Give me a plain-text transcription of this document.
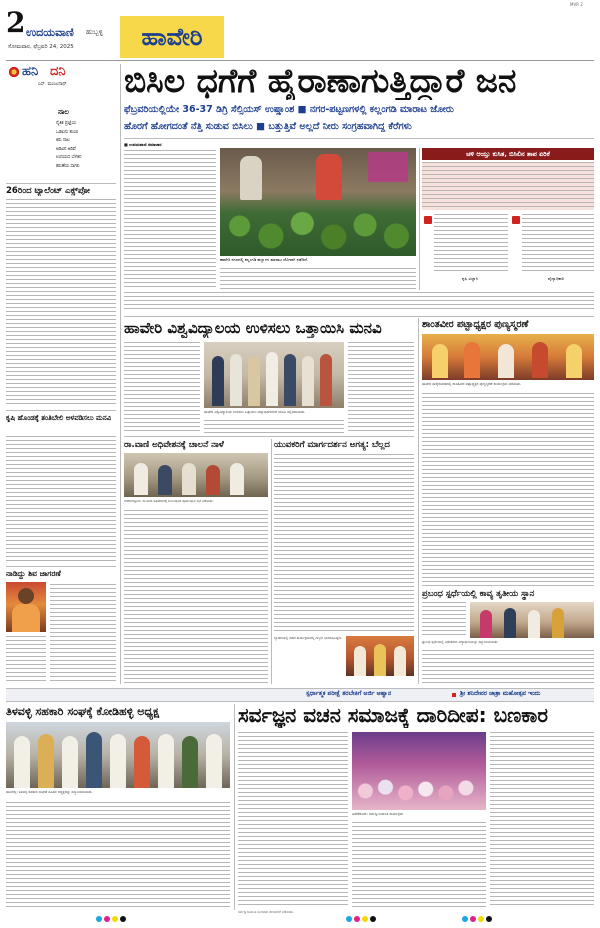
2 ಉದಯವಾಣಿ ಹುಬ್ಬಳ್ಳಿ
ಸೋಮವಾರ, ಫೆಬ್ರವರಿ 24, 2025	ಹಾವೇರಿ
MVR 2
ಹನಿ ದನಿ
ಎಸ್. ಮಂಜುನಾಥ್
ನಾಲ
ನೈತಿಕ ಪ್ರಜ್ಞೆಯ
ಒಡಲನು ತುಂಬಿ
ಕಿರು ನಾಲ
ಅರಿವಿನ ಅರಿವೆ
ಉದಯದ ಬೆಳಕಿನ
ಕರುಣೆಯ ಸಾಗಲಿ
26ರಿಂದ ಟ್ಯಾಲೆಂಟ್ ಎಕ್ಸ್‌ಪೋ
ಕೃಷಿ ಹೊಂಡಕ್ಕೆ ತಂತಿಬೇಲಿ ಅಳವಡಿಸಲು ಮನವಿ
ನಾಡಿದ್ದು ಶಿವ ಜಾಗರಣೆ
ಬಿಸಿಲ ಧಗೆಗೆ ಹೈರಾಣಾಗುತ್ತಿದ್ದಾರೆ ಜನ
ಫೆಬ್ರವರಿಯಲ್ಲಿಯೇ 36-37 ಡಿಗ್ರಿ ಸೆಲ್ಸಿಯಸ್ ಉಷ್ಣಾಂಶ ■ ನಗರ-ಪಟ್ಟಣಗಳಲ್ಲಿ ಕಲ್ಲಂಗಡಿ ಮಾರಾಟ ಜೋರು
ಹೊರಗೆ ಹೋಗದಂತೆ ನೆತ್ತಿ ಸುಡುವ ಬಿಸಿಲು ■ ಬತ್ತುತ್ತಿವೆ ಅಲ್ಲದೆ ನೀರು ಸಂಗ್ರಹವಾಗಿದ್ದ ಕೆರೆಗಳು
■ ಉದಯವಾಣಿ ಸಮಾಚಾರ
ಹಾವೇರಿ ನಗರದಲ್ಲಿ ಕಲ್ಲಂಗಡಿ ಹಣ್ಣುಗಳ ಮಾರಾಟ ಜೋರಾಗಿ ನಡೆದಿದೆ.
ಚಳಿ ಆಯ್ತು ಕುಸಿತ, ಬಿಸಿಲಿನ ತಾಪ ಏರಿಕೆ
ಕೃಷಿ ವಿಜ್ಞಾನಿ	ವೈದ್ಯಾಧಿಕಾರಿ
ಹಾವೇರಿ ವಿಶ್ವವಿದ್ಯಾಲಯ ಉಳಿಸಲು ಒತ್ತಾಯಿಸಿ ಮನವಿ
ಹಾವೇರಿ ವಿಶ್ವವಿದ್ಯಾಲಯ ಉಳಿಸಲು ಒತ್ತಾಯಿಸಿ ಜಿಲ್ಲಾಧಿಕಾರಿಗಳಿಗೆ ಮನವಿ ಸಲ್ಲಿಸಲಾಯಿತು.
ಶಾಂತವೀರ ಪಟ್ಟಾಧ್ಯಕ್ಷರ ಪುಣ್ಯಸ್ಮರಣೆ
ಹಾವೇರಿ ಹುಕ್ಕೇರಿಮಠದಲ್ಲಿ ಶಾಂತವೀರ ಪಟ್ಟಾಧ್ಯಕ್ಷರ ಪುಣ್ಯಸ್ಮರಣೆ ಕಾರ್ಯಕ್ರಮ ನಡೆಯಿತು.
ರಾ.ವಾಣಿ ಅಧಿವೇಶನಕ್ಕೆ ಚಾಲನೆ ನಾಳೆ
ರಾಣೇಬೆನ್ನೂರು: ರಾ.ವಾಣಿ ಅಧಿವೇಶನಕ್ಕೆ ಸಂಬಂಧಿಸಿದ ಪೂರ್ವಭಾವಿ ಸಭೆ ನಡೆಯಿತು.
ಯುವಕರಿಗೆ ಮಾರ್ಗದರ್ಶನ ಅಗತ್ಯ: ಬೆಲ್ಲದ
ಬ್ಯಾಡಗಿಯಲ್ಲಿ ನಡೆದ ಕಾರ್ಯಕ್ರಮದಲ್ಲಿ ಗಣ್ಯರು ಭಾಗವಹಿಸಿದ್ದರು.
ಪ್ರಬಂಧ ಸ್ಪರ್ಧೆಯಲ್ಲಿ ಕಾವ್ಯ ತೃತೀಯ ಸ್ಥಾನ
ಪ್ರಬಂಧ ಸ್ಪರ್ಧೆಯಲ್ಲಿ ವಿಜೇತರಾದ ವಿದ್ಯಾರ್ಥಿನಿಯನ್ನು ಸನ್ಮಾನಿಸಲಾಯಿತು.
ಸ್ಪರ್ಧಾತ್ಮಕ ಪರೀಕ್ಷೆ ತರಬೇತಿಗೆ ಅರ್ಜಿ ಆಹ್ವಾನ	ಶ್ರೀ ಶನಿದೇವರ ಜಾತ್ರಾ ಮಹೋತ್ಸವ ಇಂದು
ತಿಳವಳ್ಳಿ ಸಹಕಾರಿ ಸಂಘಕ್ಕೆ ಕೋಡಿಹಳ್ಳಿ ಅಧ್ಯಕ್ಷ
ಹಾನಗಲ್ಲ: ತಿಳವಳ್ಳಿ ಸಹಕಾರಿ ಸಂಘದ ನೂತನ ಅಧ್ಯಕ್ಷರನ್ನು ಸನ್ಮಾನಿಸಲಾಯಿತು.
ಸರ್ವಜ್ಞನ ವಚನ ಸಮಾಜಕ್ಕೆ ದಾರಿದೀಪ: ಬಣಕಾರ
ಹಿರೇಕೆರೂರು: ಸರ್ವಜ್ಞ ಜಯಂತಿ ಕಾರ್ಯಕ್ರಮ
ಸರ್ವಜ್ಞ ಜಯಂತಿ ಅಂಗವಾಗಿ ಮೆರವಣಿಗೆ ನಡೆಯಿತು.
